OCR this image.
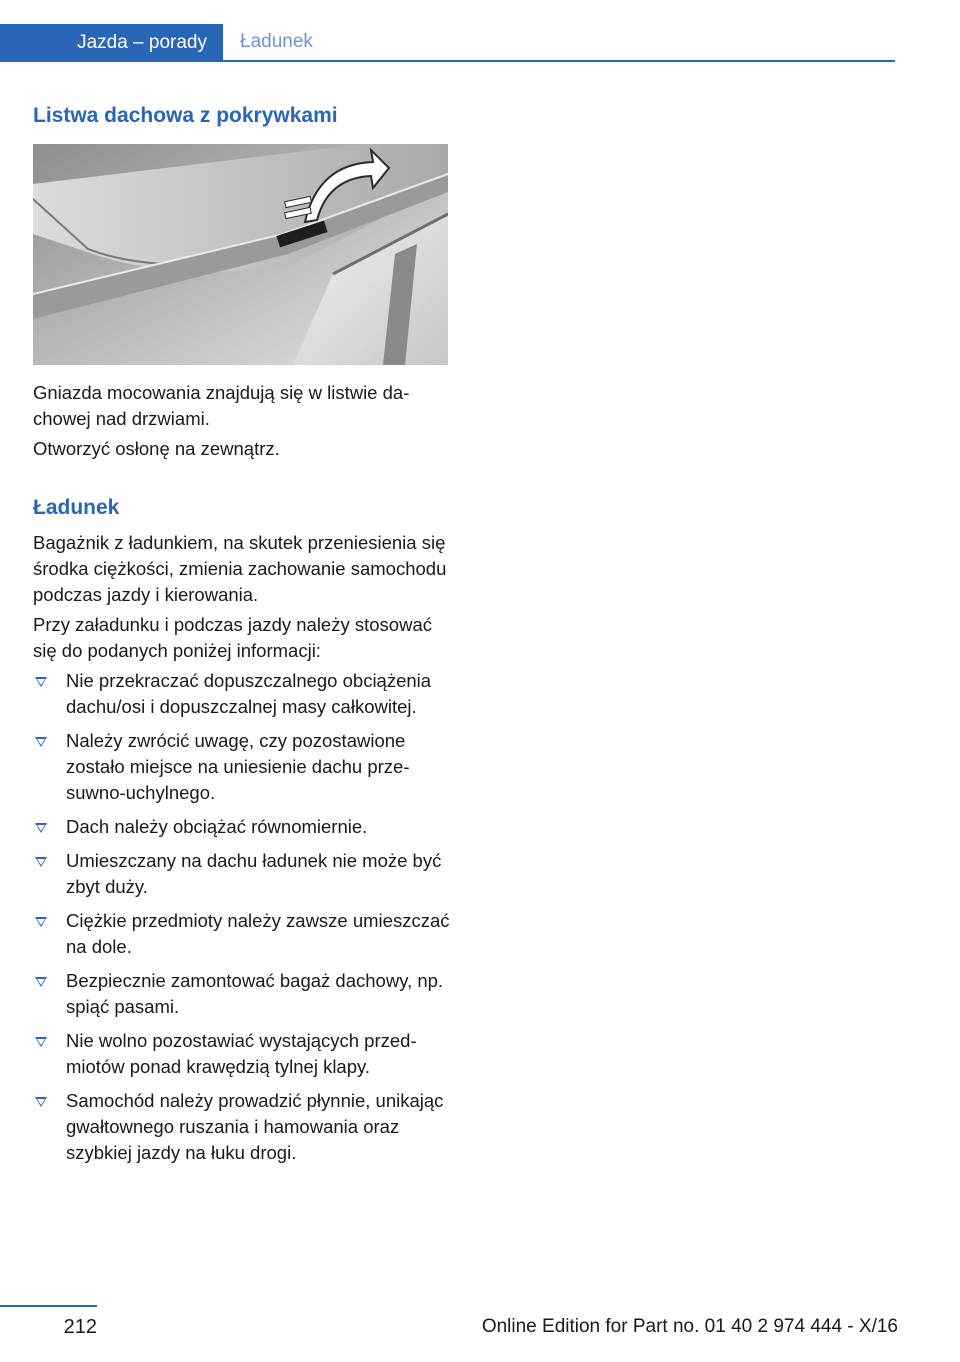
Jazda – porady Ładunek
Listwa dachowa z pokrywkami

Gniazda mocowania znajdują się w listwie dachowej nad drzwiami.

Otworzyć osłonę na zewnątrz.

Ładunek

Bagażnik z ładunkiem, na skutek przeniesienia się środka ciężkości, zmienia zachowanie samochodu podczas jazdy i kierowania.

Przy załadunku i podczas jazdy należy stosować się do podanych poniżej informacji:

Nie przekraczać dopuszczalnego obciążenia dachu/osi i dopuszczalnej masy całkowitej.
Należy zwrócić uwagę, czy pozostawione zostało miejsce na uniesienie dachu przesuwno-uchylnego.
Dach należy obciążać równomiernie.
Umieszczany na dachu ładunek nie może być zbyt duży.
Ciężkie przedmioty należy zawsze umieszczać na dole.
Bezpiecznie zamontować bagaż dachowy, np. spiąć pasami.
Nie wolno pozostawiać wystających przedmiotów ponad krawędzią tylnej klapy.
Samochód należy prowadzić płynnie, unikając gwałtownego ruszania i hamowania oraz szybkiej jazdy na łuku drogi.
212	Online Edition for Part no. 01 40 2 974 444 - X/16
